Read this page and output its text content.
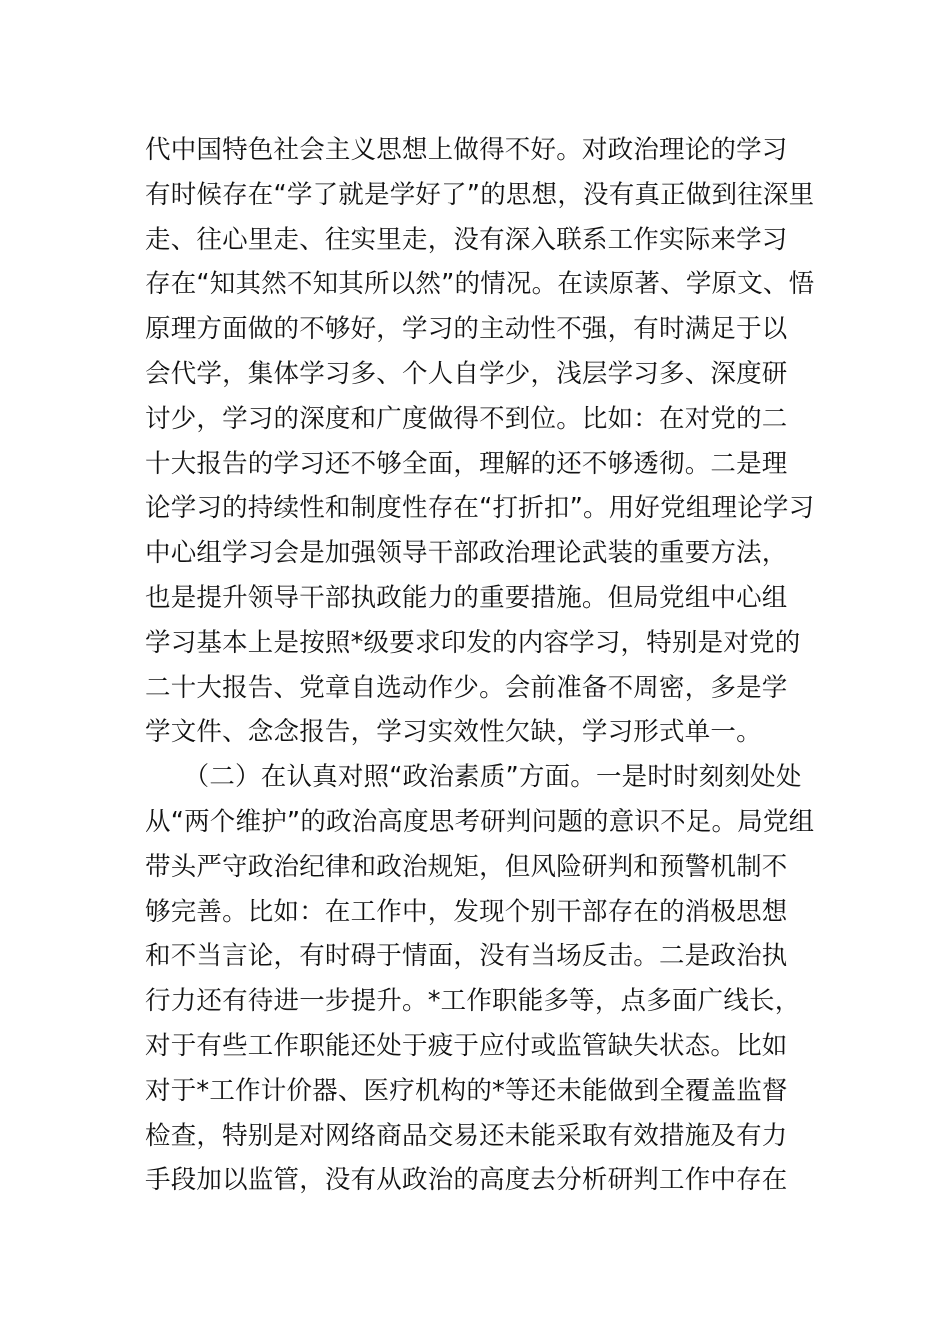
代中国特色社会主义思想上做得不好。对政治理论的学习
有时候存在“学了就是学好了”的思想，没有真正做到往深里
走、往心里走、往实里走，没有深入联系工作实际来学习
存在“知其然不知其所以然”的情况。在读原著、学原文、悟
原理方面做的不够好，学习的主动性不强，有时满足于以
会代学，集体学习多、个人自学少，浅层学习多、深度研
讨少，学习的深度和广度做得不到位。比如：在对党的二
十大报告的学习还不够全面，理解的还不够透彻。二是理
论学习的持续性和制度性存在“打折扣”。用好党组理论学习
中心组学习会是加强领导干部政治理论武装的重要方法，
也是提升领导干部执政能力的重要措施。但局党组中心组
学习基本上是按照*级要求印发的内容学习，特别是对党的
二十大报告、党章自选动作少。会前准备不周密，多是学
学文件、念念报告，学习实效性欠缺，学习形式单一。
　　（二）在认真对照“政治素质”方面。一是时时刻刻处处
从“两个维护”的政治高度思考研判问题的意识不足。局党组
带头严守政治纪律和政治规矩，但风险研判和预警机制不
够完善。比如：在工作中，发现个别干部存在的消极思想
和不当言论，有时碍于情面，没有当场反击。二是政治执
行力还有待进一步提升。*工作职能多等，点多面广线长，
对于有些工作职能还处于疲于应付或监管缺失状态。比如
对于*工作计价器、医疗机构的*等还未能做到全覆盖监督
检查，特别是对网络商品交易还未能采取有效措施及有力
手段加以监管，没有从政治的高度去分析研判工作中存在
